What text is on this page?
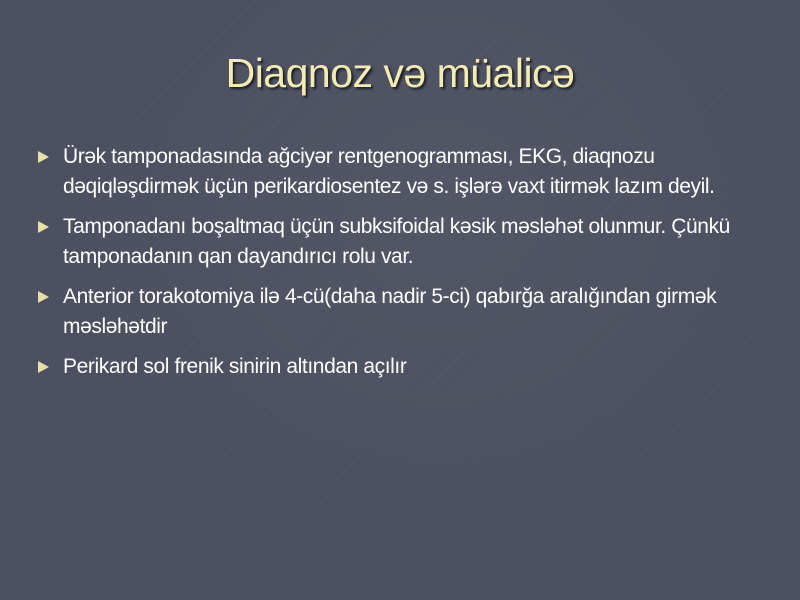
Diaqnoz vǝ müalicǝ
Ürǝk tamponadasında ağciyǝr rentgenogramması, EKG, diaqnozu dǝqiqlǝşdirmǝk üçün perikardiosentez vǝ s. işlǝrǝ vaxt itirmǝk lazım deyil.
Tamponadanı boşaltmaq üçün subksifoidal kǝsik mǝslǝhǝt olunmur. Çünkü tamponadanın qan dayandırıcı rolu var.
Anterior torakotomiya ilǝ 4-cü(daha nadir 5-ci) qabırğa aralığından girmǝk mǝslǝhǝtdir
Perikard sol frenik sinirin altından açılır
